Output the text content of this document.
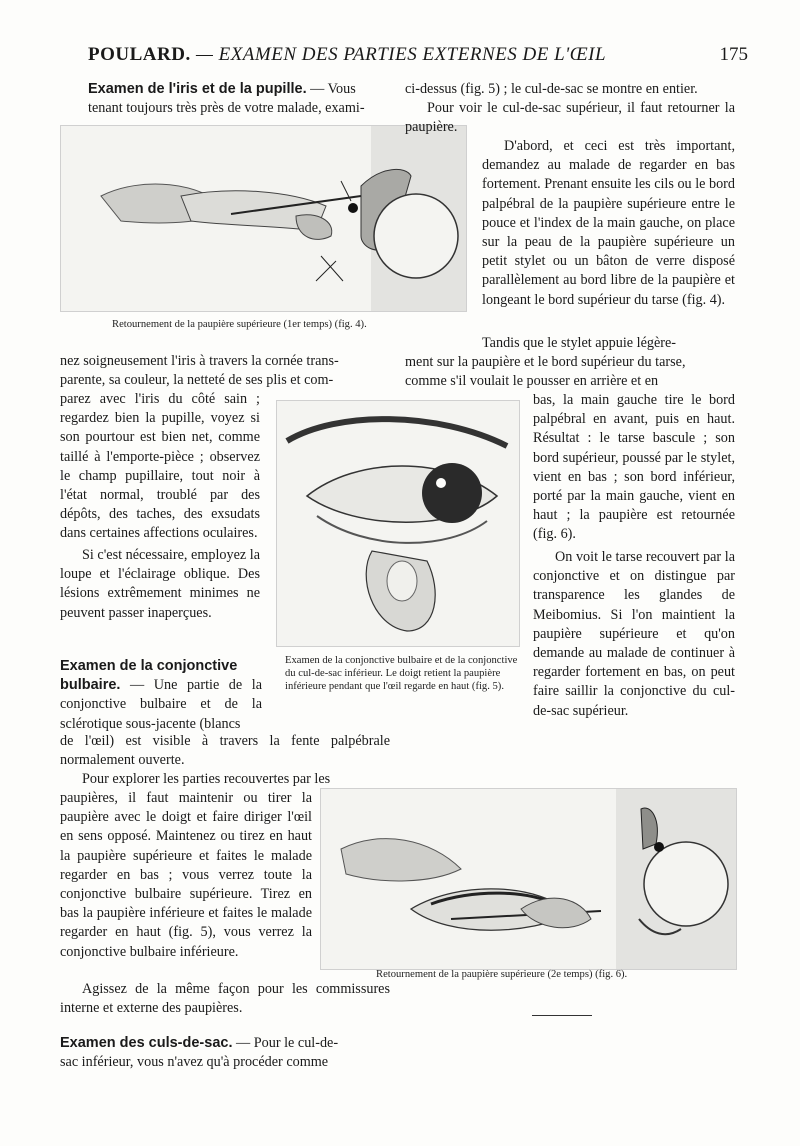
POULARD. — EXAMEN DES PARTIES EXTERNES DE L'ŒIL	175
Examen de l'iris et de la pupille. — Vous
tenant toujours très près de votre malade, exami-
Retournement de la paupière supérieure (1er temps) (fig. 4).
nez soigneusement l'iris à travers la cornée trans-
parente, sa couleur, la netteté de ses plis et com-
parez avec l'iris du côté sain ; regardez bien la pupille, voyez si son pourtour est bien net, comme taillé à l'emporte-pièce ; observez le champ pupillaire, tout noir à l'état normal, troublé par des dépôts, des taches, des exsudats dans certaines affections oculaires.
Si c'est nécessaire, employez la loupe et l'éclairage oblique. Des lésions extrêmement minimes ne peuvent passer inaperçues.
Examen de la conjonctive bulbaire et de la conjonctive du cul-de-sac inférieur. Le doigt retient la paupière inférieure pendant que l'œil regarde en haut (fig. 5).
Examen de la conjonctive
bulbaire. — Une partie de la conjonctive bulbaire et de la sclérotique sous-jacente (blancs
de l'œil) est visible à travers la fente palpébrale normalement ouverte.
Pour explorer les parties recouvertes par les
paupières, il faut maintenir ou tirer la paupière avec le doigt et faire diriger l'œil en sens opposé. Maintenez ou tirez en haut la paupière supérieure et faites le malade regarder en bas ; vous verrez toute la conjonctive bulbaire supérieure. Tirez en bas la paupière inférieure et faites le malade regarder en haut (fig. 5), vous verrez la conjonctive bulbaire inférieure.
Agissez de la même façon pour les commissures interne et externe des paupières.
Examen des culs-de-sac. — Pour le cul-de-
sac inférieur, vous n'avez qu'à procéder comme
ci-dessus (fig. 5) ; le cul-de-sac se montre en entier.
Pour voir le cul-de-sac supérieur, il faut retourner la paupière.
D'abord, et ceci est très important, demandez au malade de regarder en bas fortement. Prenant ensuite les cils ou le bord palpébral de la paupière supérieure entre le pouce et l'index de la main gauche, on place sur la peau de la paupière supérieure un petit stylet ou un bâton de verre disposé parallèlement au bord libre de la paupière et longeant le bord supérieur du tarse (fig. 4).
Tandis que le stylet appuie légère-
ment sur la paupière et le bord supérieur du tarse,
comme s'il voulait le pousser en arrière et en
bas, la main gauche tire le bord palpébral en avant, puis en haut. Résultat : le tarse bascule ; son bord supérieur, poussé par le stylet, vient en bas ; son bord inférieur, porté par la main gauche, vient en haut ; la paupière est retournée (fig. 6).
On voit le tarse recouvert par la conjonctive et on distingue par transparence les glandes de Meibomius. Si l'on maintient la paupière supérieure et qu'on demande au malade de continuer à regarder fortement en bas, on peut faire saillir la conjonctive du cul-de-sac supérieur.
Retournement de la paupière supérieure (2e temps) (fig. 6).
